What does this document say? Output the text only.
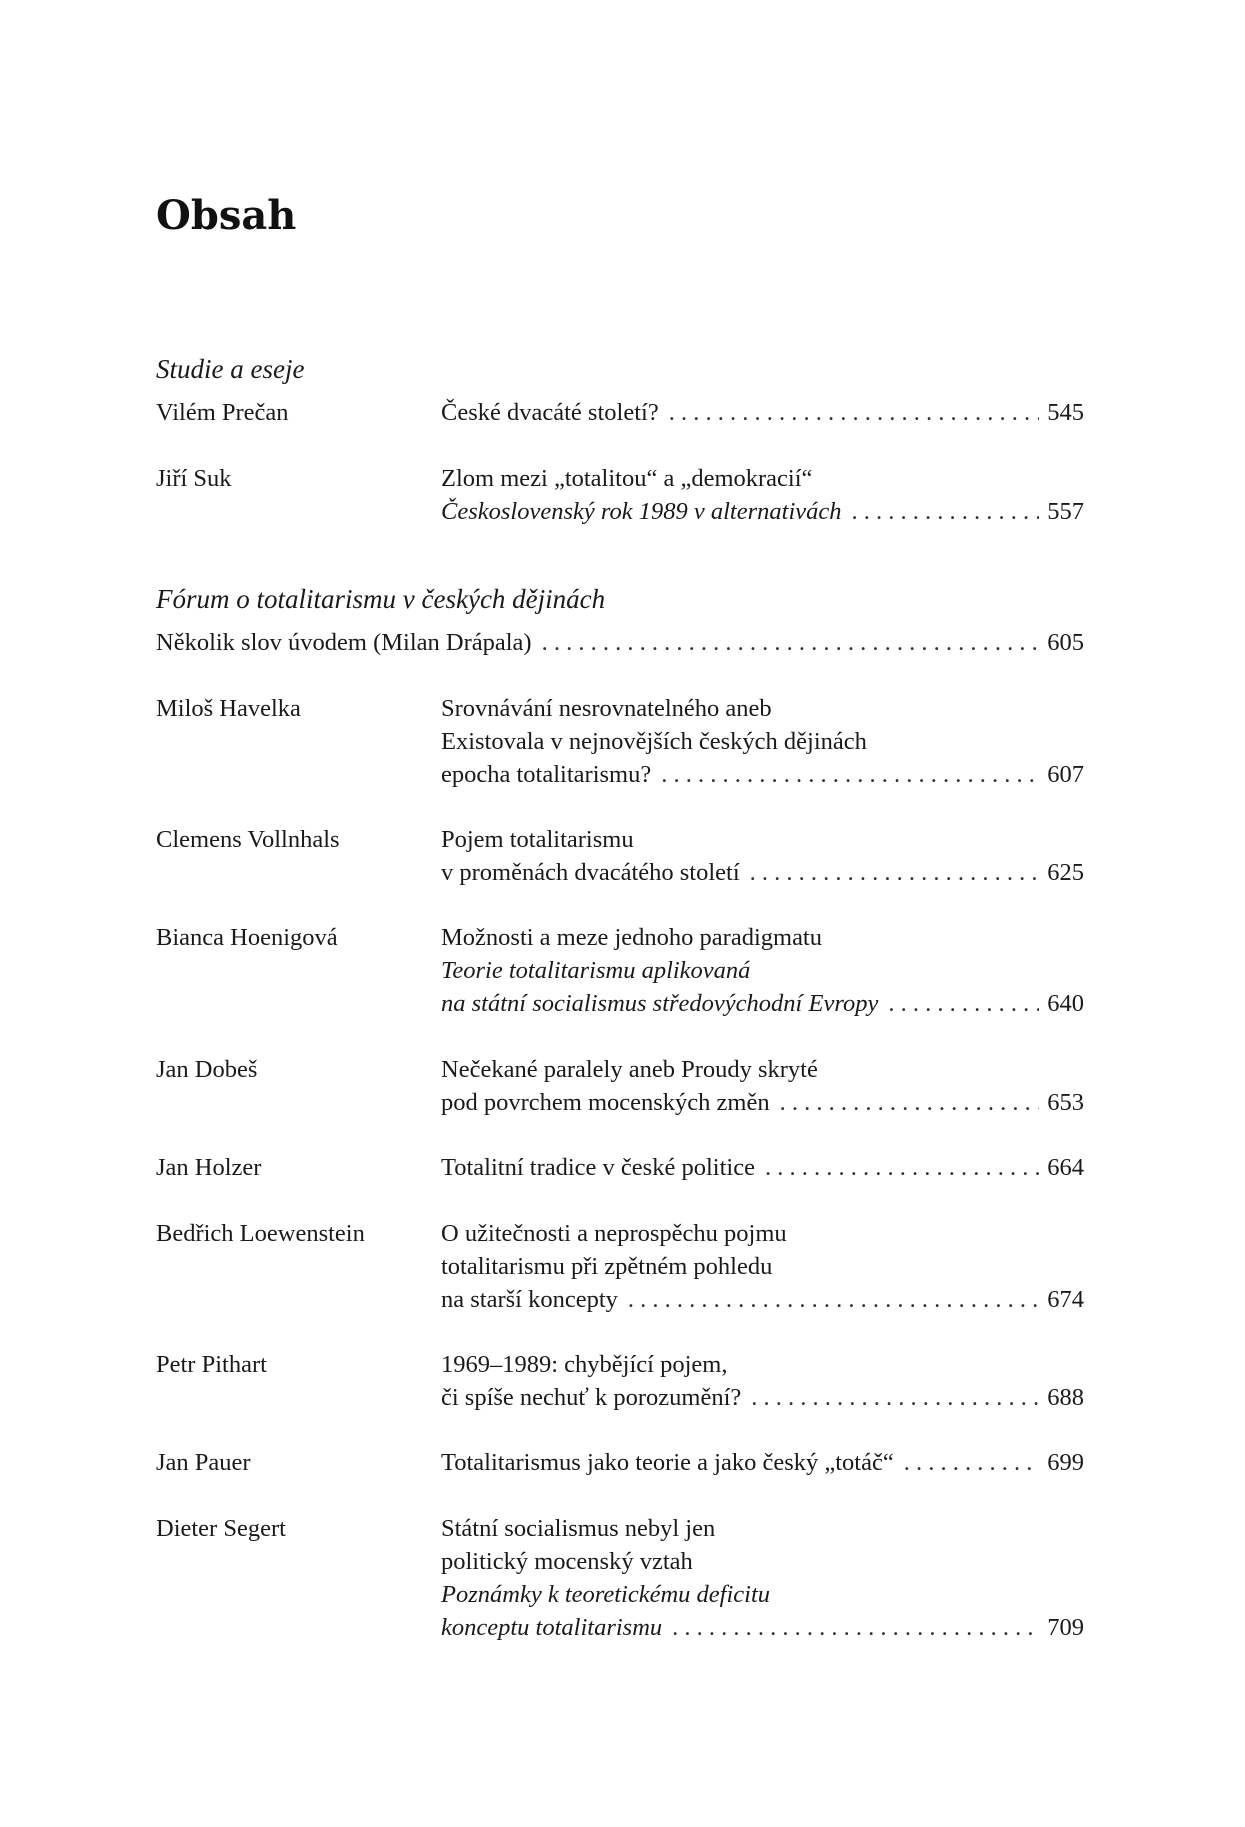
Obsah
Studie a eseje
Vilém Prečan	České dvacáté století? . . .	545
Jiří Suk	Zlom mezi „totalitou“ a „demokracií“
Československý rok 1989 v alternativách . . .	557
Fórum o totalitarismu v českých dějinách
Několik slov úvodem (Milan Drápala) . . .	605
Miloš Havelka	Srovnávání nesrovnatelného aneb
Existovala v nejnovějších českých dějinách
epocha totalitarismu? . . .	607
Clemens Vollnhals	Pojem totalitarismu
v proměnách dvacátého století . . .	625
Bianca Hoenigová	Možnosti a meze jednoho paradigmatu
Teorie totalitarismu aplikovaná
na státní socialismus středovýchodní Evropy . . .	640
Jan Dobeš	Nečekané paralely aneb Proudy skryté
pod povrchem mocenských změn . . .	653
Jan Holzer	Totalitní tradice v české politice . . .	664
Bedřich Loewenstein	O užitečnosti a neprospěchu pojmu
totalitarismu při zpětném pohledu
na starší koncepty . . .	674
Petr Pithart	1969–1989: chybějící pojem,
či spíše nechuť k porozumění? . . .	688
Jan Pauer	Totalitarismus jako teorie a jako český „totáč“ . . .	699
Dieter Segert	Státní socialismus nebyl jen
politický mocenský vztah
Poznámky k teoretickému deficitu
konceptu totalitarismu . . .	709
